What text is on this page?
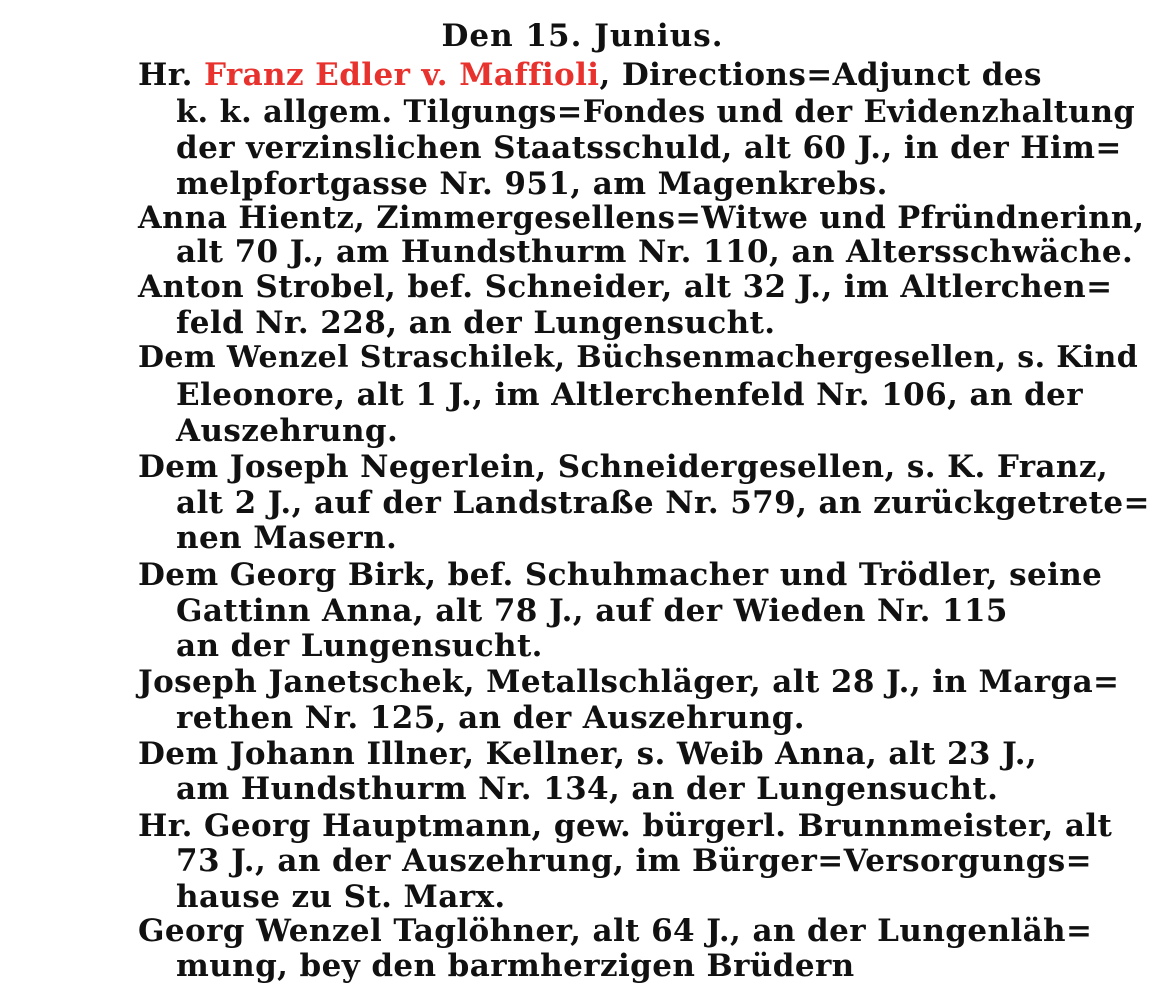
Den 15. Junius.
Hr. Franz Edler v. Maffioli, Directions=Adjunct des
k. k. allgem. Tilgungs=Fondes und der Evidenzhaltung
der verzinslichen Staatsschuld, alt 60 J., in der Him=
melpfortgasse Nr. 951, am Magenkrebs.
Anna Hientz, Zimmergesellens=Witwe und Pfründnerinn,
alt 70 J., am Hundsthurm Nr. 110, an Altersschwäche.
Anton Strobel, bef. Schneider, alt 32 J., im Altlerchen=
feld Nr. 228, an der Lungensucht.
Dem Wenzel Straschilek, Büchsenmachergesellen, s. Kind
Eleonore, alt 1 J., im Altlerchenfeld Nr. 106, an der
Auszehrung.
Dem Joseph Negerlein, Schneidergesellen, s. K. Franz,
alt 2 J., auf der Landstraße Nr. 579, an zurückgetrete=
nen Masern.
Dem Georg Birk, bef. Schuhmacher und Trödler, seine
Gattinn Anna, alt 78 J., auf der Wieden Nr. 115
an der Lungensucht.
Joseph Janetschek, Metallschläger, alt 28 J., in Marga=
rethen Nr. 125, an der Auszehrung.
Dem Johann Illner, Kellner, s. Weib Anna, alt 23 J.,
am Hundsthurm Nr. 134, an der Lungensucht.
Hr. Georg Hauptmann, gew. bürgerl. Brunnmeister, alt
73 J., an der Auszehrung, im Bürger=Versorgungs=
hause zu St. Marx.
Georg Wenzel Taglöhner, alt 64 J., an der Lungenläh=
mung, bey den barmherzigen Brüdern
